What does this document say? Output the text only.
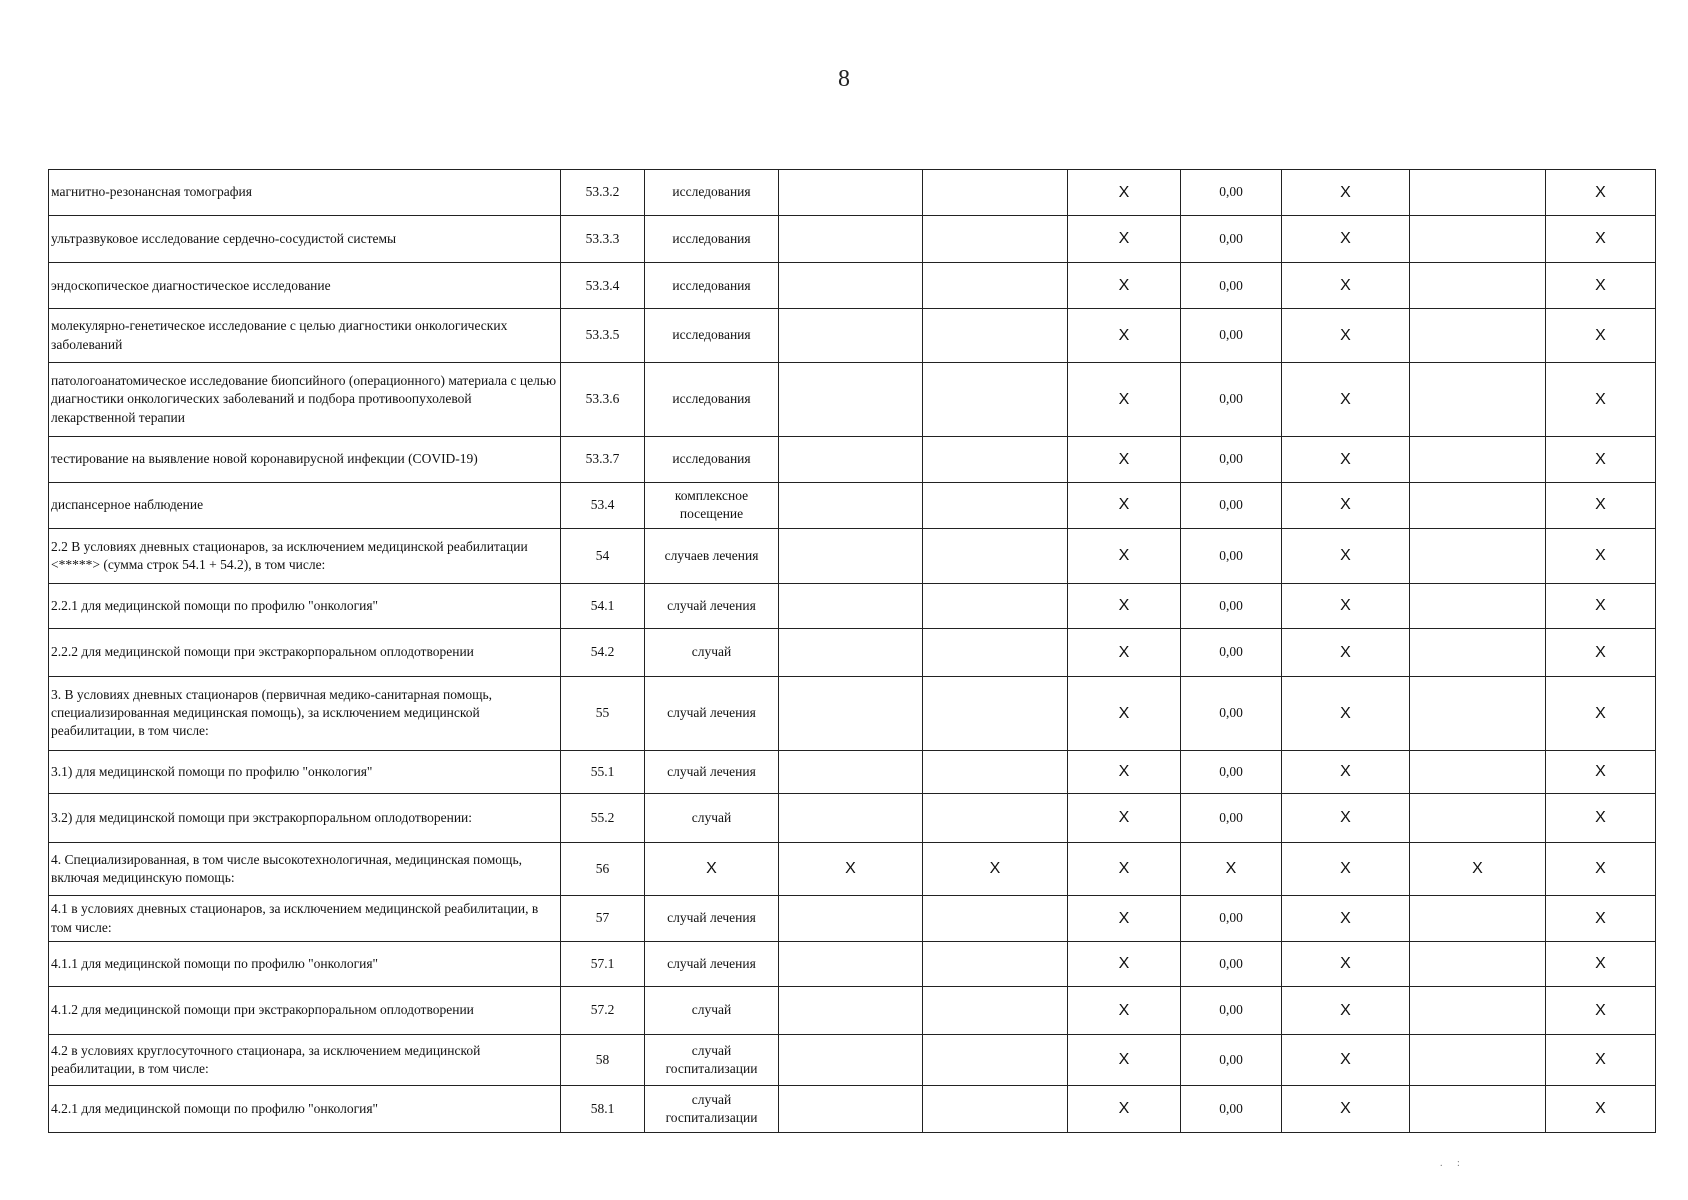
8
магнитно-резонансная томография	53.3.2	исследования			X	0,00	X		X
ультразвуковое исследование сердечно-сосудистой системы	53.3.3	исследования			X	0,00	X		X
эндоскопическое диагностическое исследование	53.3.4	исследования			X	0,00	X		X
молекулярно-генетическое исследование с целью диагностики онкологических заболеваний	53.3.5	исследования			X	0,00	X		X
патологоанатомическое исследование биопсийного (операционного) материала с целью диагностики онкологических заболеваний и подбора противоопухолевой лекарственной терапии	53.3.6	исследования			X	0,00	X		X
тестирование на выявление новой коронавирусной инфекции (COVID-19)	53.3.7	исследования			X	0,00	X		X
диспансерное наблюдение	53.4	комплексное посещение			X	0,00	X		X
2.2 В условиях дневных стационаров, за исключением медицинской реабилитации <*****> (сумма строк 54.1 + 54.2), в том числе:	54	случаев лечения			X	0,00	X		X
2.2.1 для медицинской помощи по профилю "онкология"	54.1	случай лечения			X	0,00	X		X
2.2.2 для медицинской помощи при экстракорпоральном оплодотворении	54.2	случай			X	0,00	X		X
3. В условиях дневных стационаров (первичная медико-санитарная помощь, специализированная медицинская помощь), за исключением медицинской реабилитации, в том числе:	55	случай лечения			X	0,00	X		X
3.1) для медицинской помощи по профилю "онкология"	55.1	случай лечения			X	0,00	X		X
3.2) для медицинской помощи при экстракорпоральном оплодотворении:	55.2	случай			X	0,00	X		X
4. Специализированная, в том числе высокотехнологичная, медицинская помощь, включая медицинскую помощь:	56	X	X	X	X	X	X	X	X
4.1 в условиях дневных стационаров, за исключением медицинской реабилитации, в том числе:	57	случай лечения			X	0,00	X		X
4.1.1 для медицинской помощи по профилю "онкология"	57.1	случай лечения			X	0,00	X		X
4.1.2 для медицинской помощи при экстракорпоральном оплодотворении	57.2	случай			X	0,00	X		X
4.2 в условиях круглосуточного стационара, за исключением медицинской реабилитации, в том числе:	58	случай госпитализации			X	0,00	X		X
4.2.1 для медицинской помощи по профилю "онкология"	58.1	случай госпитализации			X	0,00	X		X
. :
